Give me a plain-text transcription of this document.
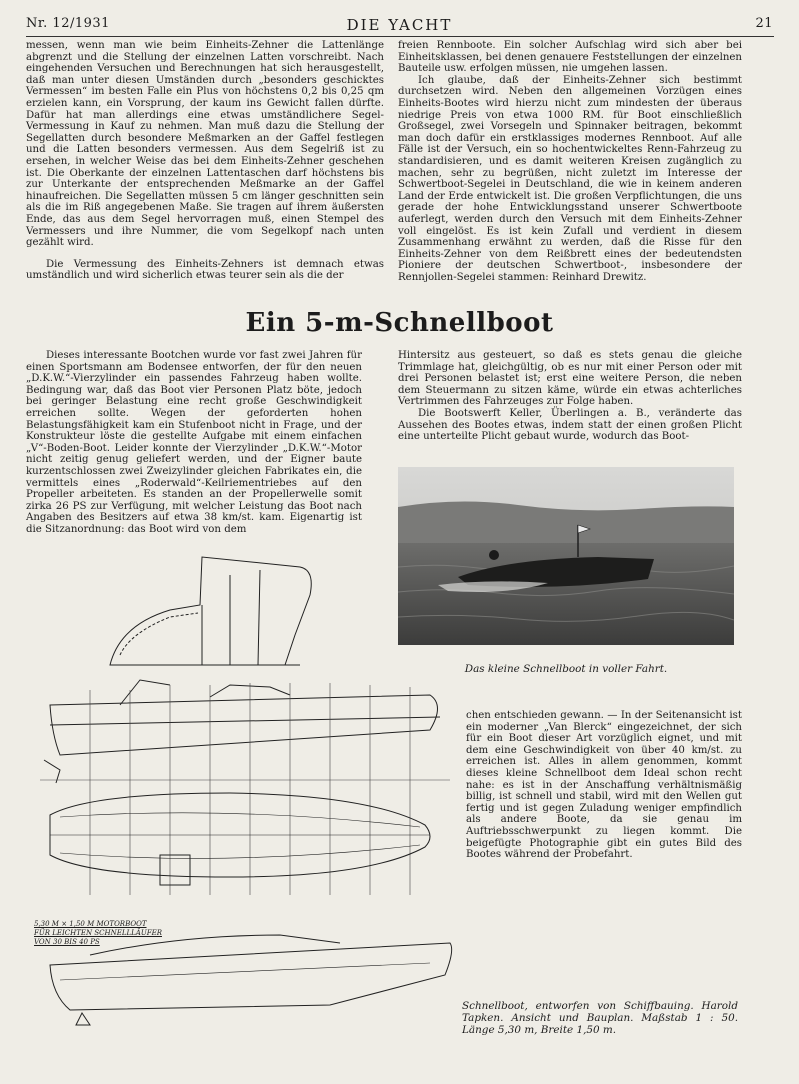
Nr. 12/1931	DIE YACHT	21

messen, wenn man wie beim Einheits-Zehner die Lattenlänge abgrenzt und die Stellung der einzelnen Latten vorschreibt. Nach eingehenden Versuchen und Berechnungen hat sich herausgestellt, daß man unter diesen Umständen durch „besonders geschicktes Vermessen“ im besten Falle ein Plus von höchstens 0,2 bis 0,25 qm erzielen kann, ein Vorsprung, der kaum ins Gewicht fallen dürfte. Dafür hat man allerdings eine etwas umständlichere Segel-Vermessung in Kauf zu nehmen. Man muß dazu die Stellung der Segellatten durch besondere Meßmarken an der Gaffel festlegen und die Latten besonders vermessen. Aus dem Segelriß ist zu ersehen, in welcher Weise das bei dem Einheits-Zehner geschehen ist. Die Oberkante der einzelnen Lattentaschen darf höchstens bis zur Unterkante der entsprechenden Meßmarke an der Gaffel hinaufreichen. Die Segellatten müssen 5 cm länger geschnitten sein als die im Riß angegebenen Maße. Sie tragen auf ihrem äußersten Ende, das aus dem Segel hervorragen muß, einen Stempel des Vermessers und ihre Nummer, die vom Segelkopf nach unten gezählt wird.

Die Vermessung des Einheits-Zehners ist demnach etwas umständlich und wird sicherlich etwas teurer sein als die der

freien Rennboote. Ein solcher Aufschlag wird sich aber bei Einheitsklassen, bei denen genauere Feststellungen der einzelnen Bauteile usw. erfolgen müssen, nie umgehen lassen.

Ich glaube, daß der Einheits-Zehner sich bestimmt durchsetzen wird. Neben den allgemeinen Vorzügen eines Einheits-Bootes wird hierzu nicht zum mindesten der überaus niedrige Preis von etwa 1000 RM. für Boot einschließlich Großsegel, zwei Vorsegeln und Spinnaker beitragen, bekommt man doch dafür ein erstklassiges modernes Rennboot. Auf alle Fälle ist der Versuch, ein so hochentwickeltes Renn-Fahrzeug zu standardisieren, und es damit weiteren Kreisen zugänglich zu machen, sehr zu begrüßen, nicht zuletzt im Interesse der Schwertboot-Segelei in Deutschland, die wie in keinem anderen Land der Erde entwickelt ist. Die großen Verpflichtungen, die uns gerade der hohe Entwicklungsstand unserer Schwertboote auferlegt, werden durch den Versuch mit dem Einheits-Zehner voll eingelöst. Es ist kein Zufall und verdient in diesem Zusammenhang erwähnt zu werden, daß die Risse für den Einheits-Zehner von dem Reißbrett eines der bedeutendsten Pioniere der deutschen Schwertboot-, insbesondere der Rennjollen-Segelei stammen: Reinhard Drewitz.

Ein 5-m-Schnellboot

Dieses interessante Bootchen wurde vor fast zwei Jahren für einen Sportsmann am Bodensee entworfen, der für den neuen „D.K.W.“-Vierzylinder ein passendes Fahrzeug haben wollte. Bedingung war, daß das Boot vier Personen Platz böte, jedoch bei geringer Belastung eine recht große Geschwindigkeit erreichen sollte. Wegen der geforderten hohen Belastungsfähigkeit kam ein Stufenboot nicht in Frage, und der Konstrukteur löste die gestellte Aufgabe mit einem einfachen „V“-Boden-Boot. Leider konnte der Vierzylinder „D.K.W.“-Motor nicht zeitig genug geliefert werden, und der Eigner baute kurzentschlossen zwei Zweizylinder gleichen Fabrikates ein, die vermittels eines „Roderwald“-Keilriementriebes auf den Propeller arbeiteten. Es standen an der Propellerwelle somit zirka 26 PS zur Verfügung, mit welcher Leistung das Boot nach Angaben des Besitzers auf etwa 38 km/st. kam. Eigenartig ist die Sitzanordnung: das Boot wird von dem

Hintersitz aus gesteuert, so daß es stets genau die gleiche Trimmlage hat, gleichgültig, ob es nur mit einer Person oder mit drei Personen belastet ist; erst eine weitere Person, die neben dem Steuermann zu sitzen käme, würde ein etwas achterliches Vertrimmen des Fahrzeuges zur Folge haben.

Die Bootswerft Keller, Überlingen a. B., veränderte das Aussehen des Bootes etwas, indem statt der einen großen Plicht eine unterteilte Plicht gebaut wurde, wodurch das Boot-

Das kleine Schnellboot in voller Fahrt.

chen entschieden gewann. — In der Seitenansicht ist ein moderner „Van Blerck“ eingezeichnet, der sich für ein Boot dieser Art vorzüglich eignet, und mit dem eine Geschwindigkeit von über 40 km/st. zu erreichen ist. Alles in allem genommen, kommt dieses kleine Schnellboot dem Ideal schon recht nahe: es ist in der Anschaffung verhältnismäßig billig, ist schnell und stabil, wird mit den Wellen gut fertig und ist gegen Zuladung weniger empfindlich als andere Boote, da sie genau im Auftriebsschwerpunkt zu liegen kommt. Die beigefügte Photographie gibt ein gutes Bild des Bootes während der Probefahrt.

5,30 M × 1,50 M MOTORBOOT
FÜR LEICHTEN SCHNELLLÄUFER
VON 30 BIS 40 PS
Schnellboot, entworfen von Schiffbauing. Harold Tapken. Ansicht und Bauplan. Maßstab 1 : 50. Länge 5,30 m, Breite 1,50 m.
